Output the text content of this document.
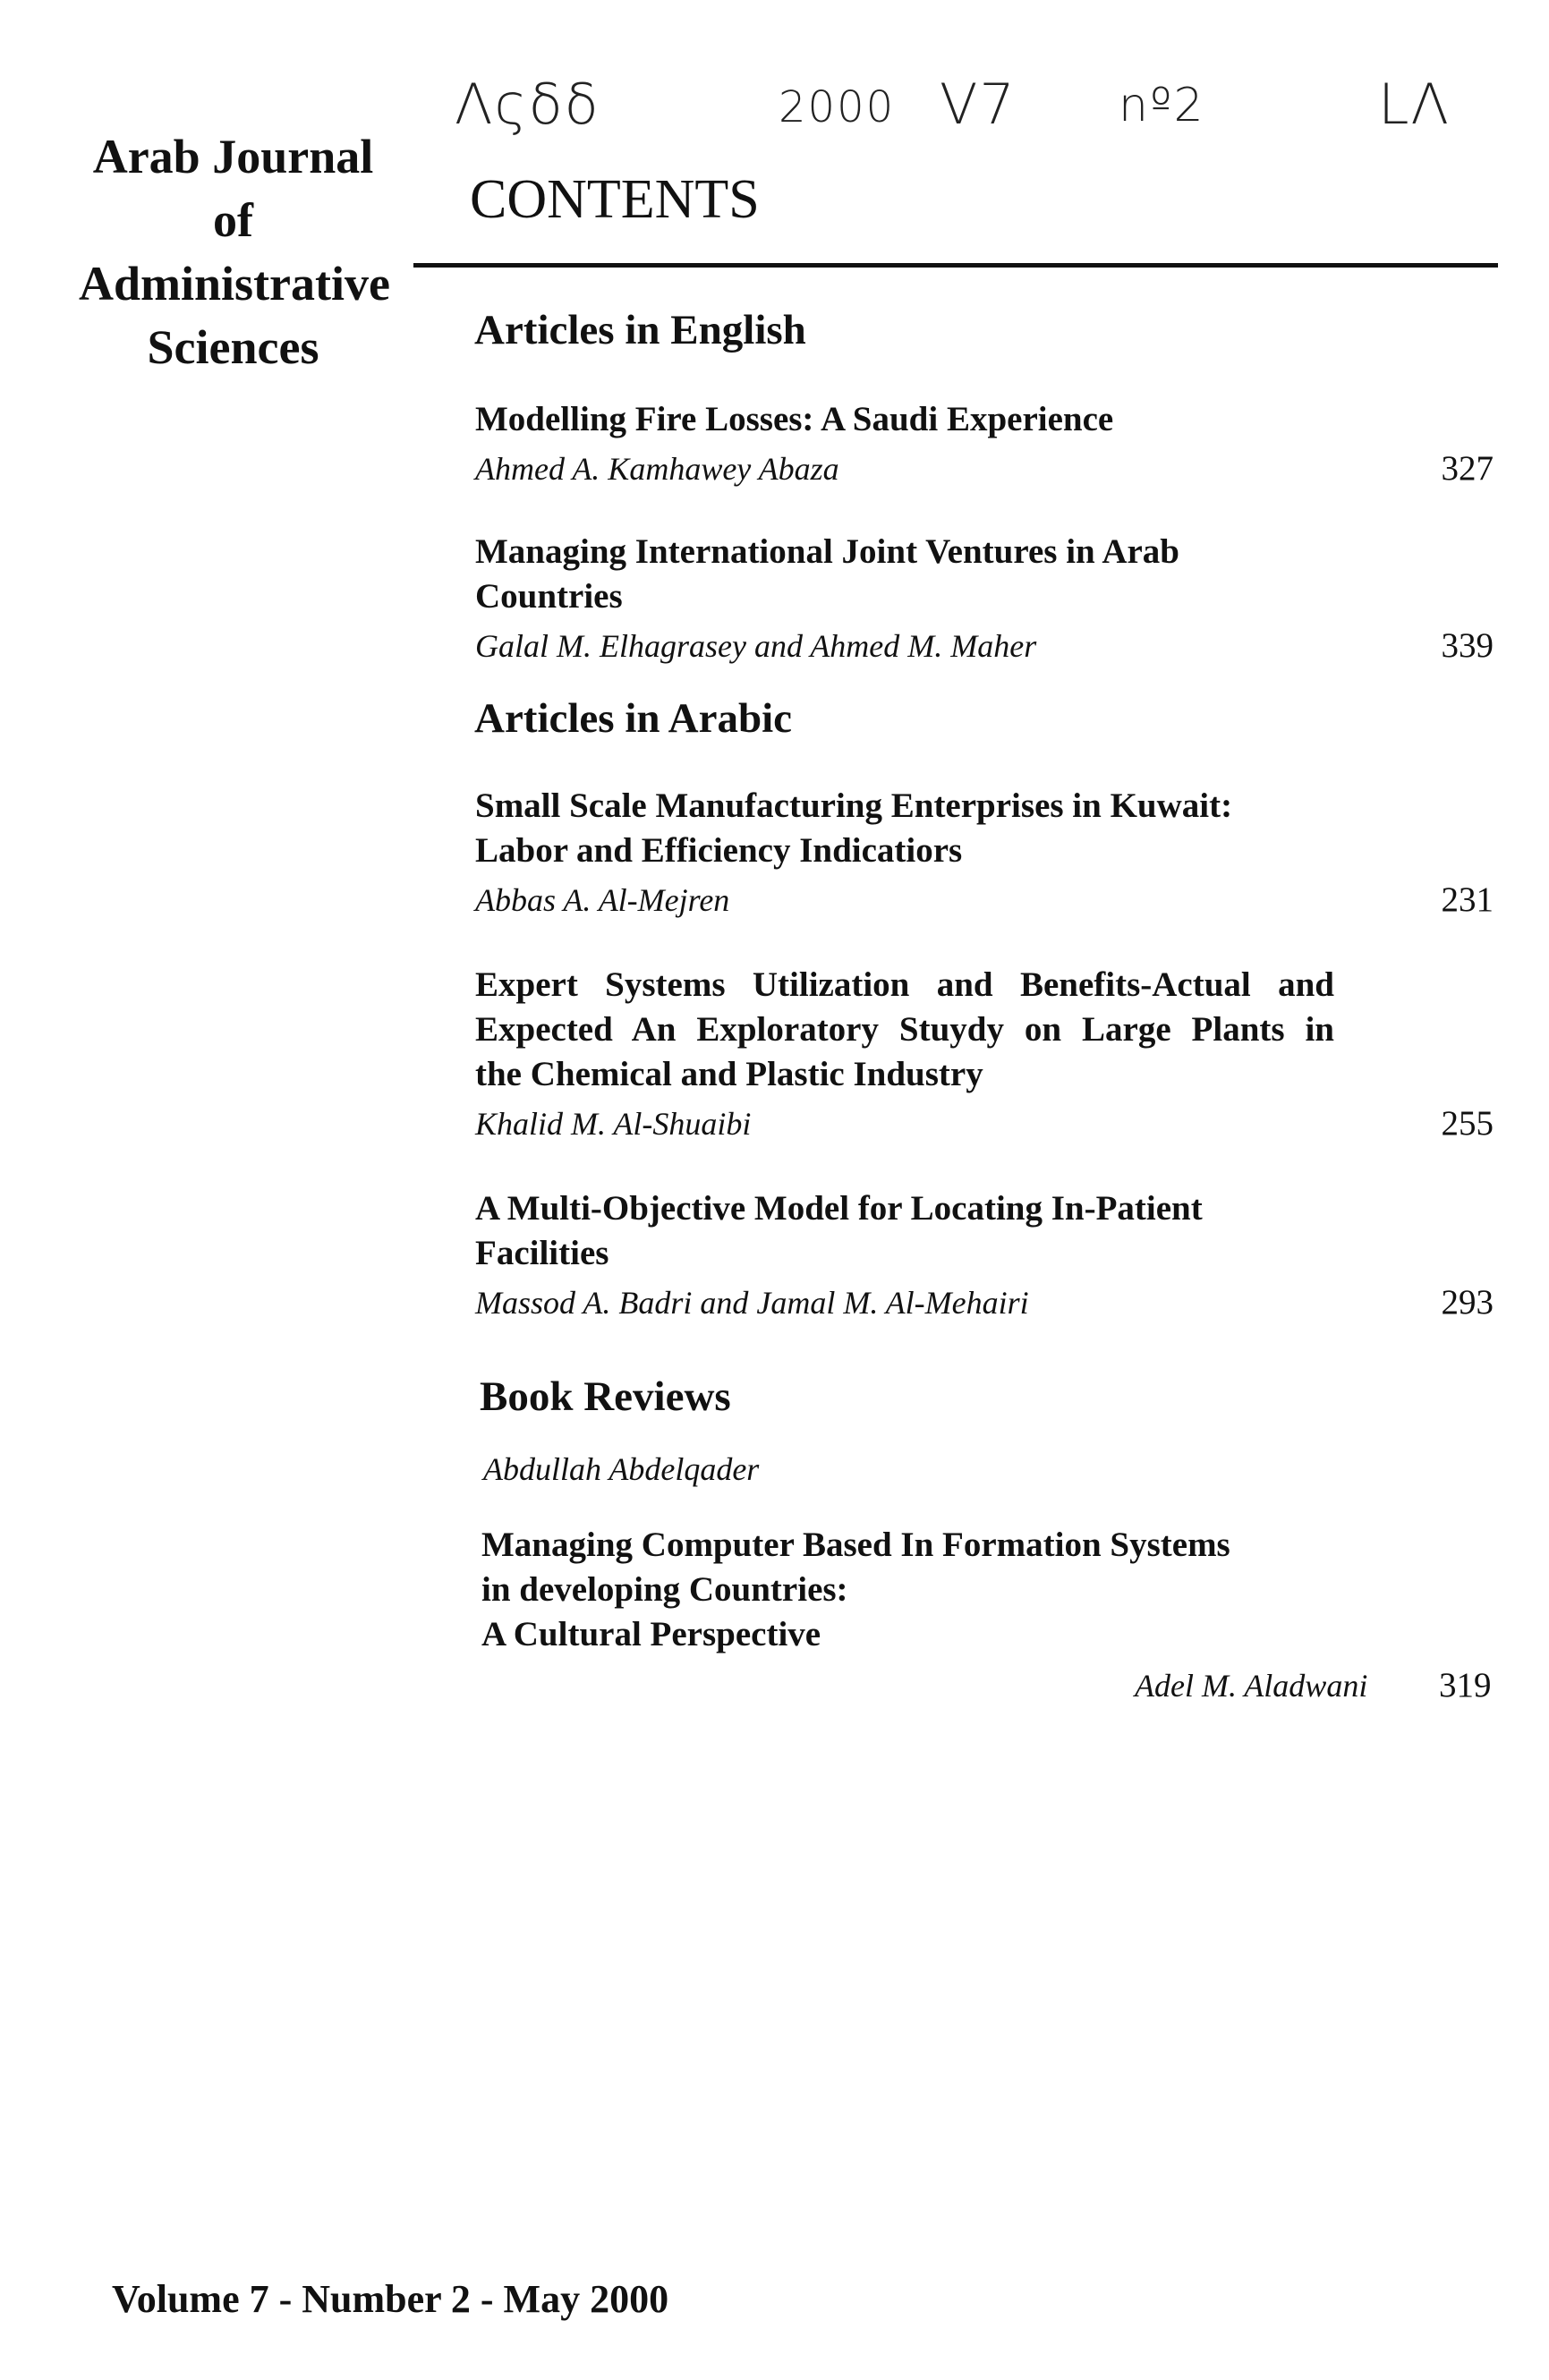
Λςδδ	2000 V7 nº2	LΛ
Arab Journal
of
Administrative
Sciences
CONTENTS
Articles in English
Modelling Fire Losses: A Saudi Experience
Ahmed A. Kamhawey Abaza	327
Managing International Joint Ventures in Arab Countries
Galal M. Elhagrasey and Ahmed M. Maher	339
Articles in Arabic
Small Scale Manufacturing Enterprises in Kuwait:
Labor and Efficiency Indicatiors
Abbas A. Al-Mejren	231
Expert Systems Utilization and Benefits-Actual and
Expected An Exploratory Stuydy on Large Plants in
the Chemical and Plastic Industry
Khalid M. Al-Shuaibi	255
A Multi-Objective Model for Locating In-Patient
Facilities
Massod A. Badri and Jamal M. Al-Mehairi	293
Book Reviews
Abdullah Abdelqader
Managing Computer Based In Formation Systems
in developing Countries:
A Cultural Perspective
Adel M. Aladwani 319
Volume 7 - Number 2 - May 2000
